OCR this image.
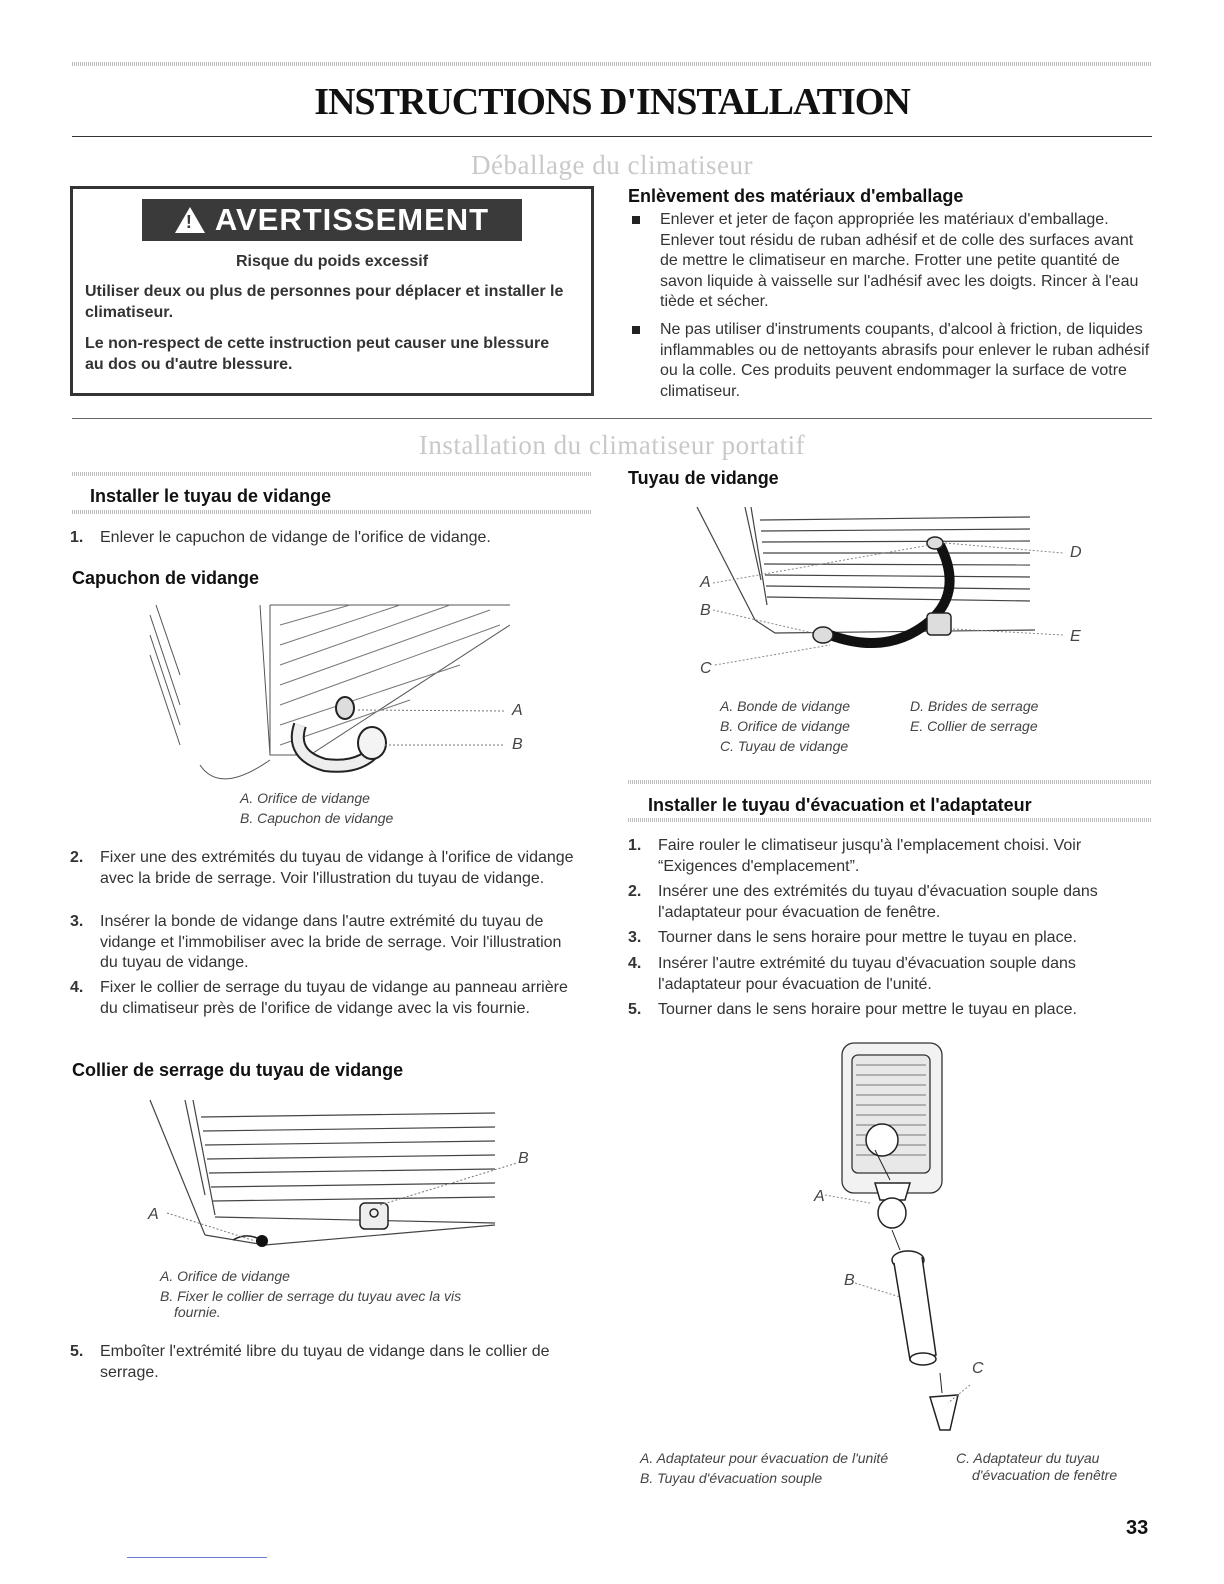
INSTRUCTIONS D'INSTALLATION
Déballage du climatiseur
! AVERTISSEMENT
Risque du poids excessif
Utiliser deux ou plus de personnes pour déplacer et installer le climatiseur.
Le non-respect de cette instruction peut causer une blessure au dos ou d'autre blessure.
Enlèvement des matériaux d'emballage
Enlever et jeter de façon appropriée les matériaux d'emballage. Enlever tout résidu de ruban adhésif et de colle des surfaces avant de mettre le climatiseur en marche. Frotter une petite quantité de savon liquide à vaisselle sur l'adhésif avec les doigts. Rincer à l'eau tiède et sécher.
Ne pas utiliser d'instruments coupants, d'alcool à friction, de liquides inflammables ou de nettoyants abrasifs pour enlever le ruban adhésif ou la colle. Ces produits peuvent endommager la surface de votre climatiseur.
Installation du climatiseur portatif
Installer le tuyau de vidange
1. Enlever le capuchon de vidange de l'orifice de vidange.
Capuchon de vidange
A
B
A. Orifice de vidange
B. Capuchon de vidange
2. Fixer une des extrémités du tuyau de vidange à l'orifice de vidange avec la bride de serrage. Voir l'illustration du tuyau de vidange.
3. Insérer la bonde de vidange dans l'autre extrémité du tuyau de vidange et l'immobiliser avec la bride de serrage. Voir l'illustration du tuyau de vidange.
4. Fixer le collier de serrage du tuyau de vidange au panneau arrière du climatiseur près de l'orifice de vidange avec la vis fournie.
Collier de serrage du tuyau de vidange
A
B
A. Orifice de vidange
B. Fixer le collier de serrage du tuyau avec la vis
fournie.
5. Emboîter l'extrémité libre du tuyau de vidange dans le collier de serrage.
Tuyau de vidange
A
B
C
D
E
A. Bonde de vidange
B. Orifice de vidange
C. Tuyau de vidange
D. Brides de serrage
E. Collier de serrage
Installer le tuyau d'évacuation et l'adaptateur
1. Faire rouler le climatiseur jusqu'à l'emplacement choisi. Voir “Exigences d'emplacement”.
2. Insérer une des extrémités du tuyau d'évacuation souple dans l'adaptateur pour évacuation de fenêtre.
3. Tourner dans le sens horaire pour mettre le tuyau en place.
4. Insérer l'autre extrémité du tuyau d'évacuation souple dans l'adaptateur pour évacuation de l'unité.
5. Tourner dans le sens horaire pour mettre le tuyau en place.
A
B
C
A. Adaptateur pour évacuation de l'unité
B. Tuyau d'évacuation souple
C. Adaptateur du tuyau
d'évacuation de fenêtre
33
